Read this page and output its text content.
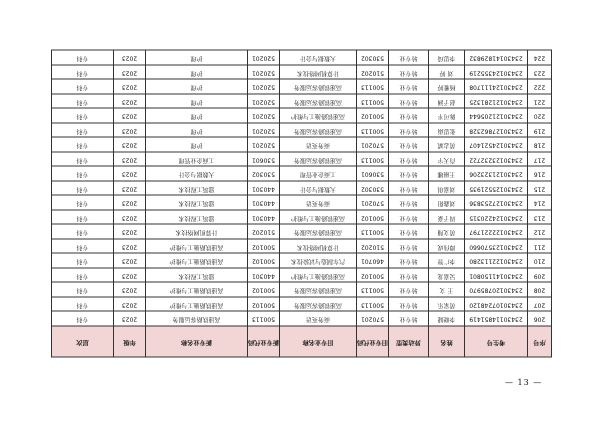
序号	考生号	姓名	异动类型	旧专业代码	旧专业名称	新专业代码	新专业名称	年级	层次
206	23430114851419	李晓婕	转专业	570201	商务英语	500113	高速铁路客运服务	2023	专科
207	23430107248120	黄家乐	转专业	500113	高速铁路客运服务	500102	高速铁路施工与维护	2023	专科
208	23430120785970	王 文	转专业	500113	高速铁路客运服务	500102	高速铁路施工与维护	2023	专科
209	23430141150801	吴嘉龙	转专业	500102	高速铁路施工与维护	440301	建筑工程技术	2023	专科
210	23430122113280	李广智	转专业	460701	汽车制造与试验技术	500102	高速铁路施工与维护	2023	专科
211	23430123570660	谭伟成	转专业	510202	计算机网络技术	500102	高速铁路施工与维护	2023	专科
212	23430122221797	黄文翔	转专业	500113	高速铁路客运服务	510202	计算机网络技术	2023	专科
213	23430124220315	周子豪	转专业	500102	高速铁路施工与维护	440301	建筑工程技术	2023	专科
214	23430127253836	刘鑫阳	转专业	570201	商务英语	440301	建筑工程技术	2023	专科
215	23430125521935	刘嘉琪	转专业	530302	大数据与会计	440301	建筑工程技术	2023	专科
216	23430121323206	王丽娜	转专业	530601	工商企业管理	530302	大数据与会计	2023	专科
217	23430123232722	肖天宇	转专业	500113	高速铁路客运服务	530601	工商企业管理	2023	专科
218	23430124521407	黄志斌	转专业	570201	商务英语	520201	护理	2023	专科
219	23430127862328	张思雨	转专业	500113	高速铁路客运服务	520201	护理	2023	专科
220	23430121205644	陈可平	转专业	500102	高速铁路施工与维护	520201	护理	2023	专科
221	23430121281325	赵子涵	转专业	500113	高速铁路客运服务	520201	护理	2023	专科
222	23430124111708	杨雅婷	转专业	500113	高速铁路客运服务	520201	护理	2023	专科
223	23430124355219	刘 婷	转专业	510202	计算机网络技术	520201	护理	2023	专科
224	23430141829832	李思琦	转专业	530302	大数据与会计	520201	护理	2023	专科
— 13 —
